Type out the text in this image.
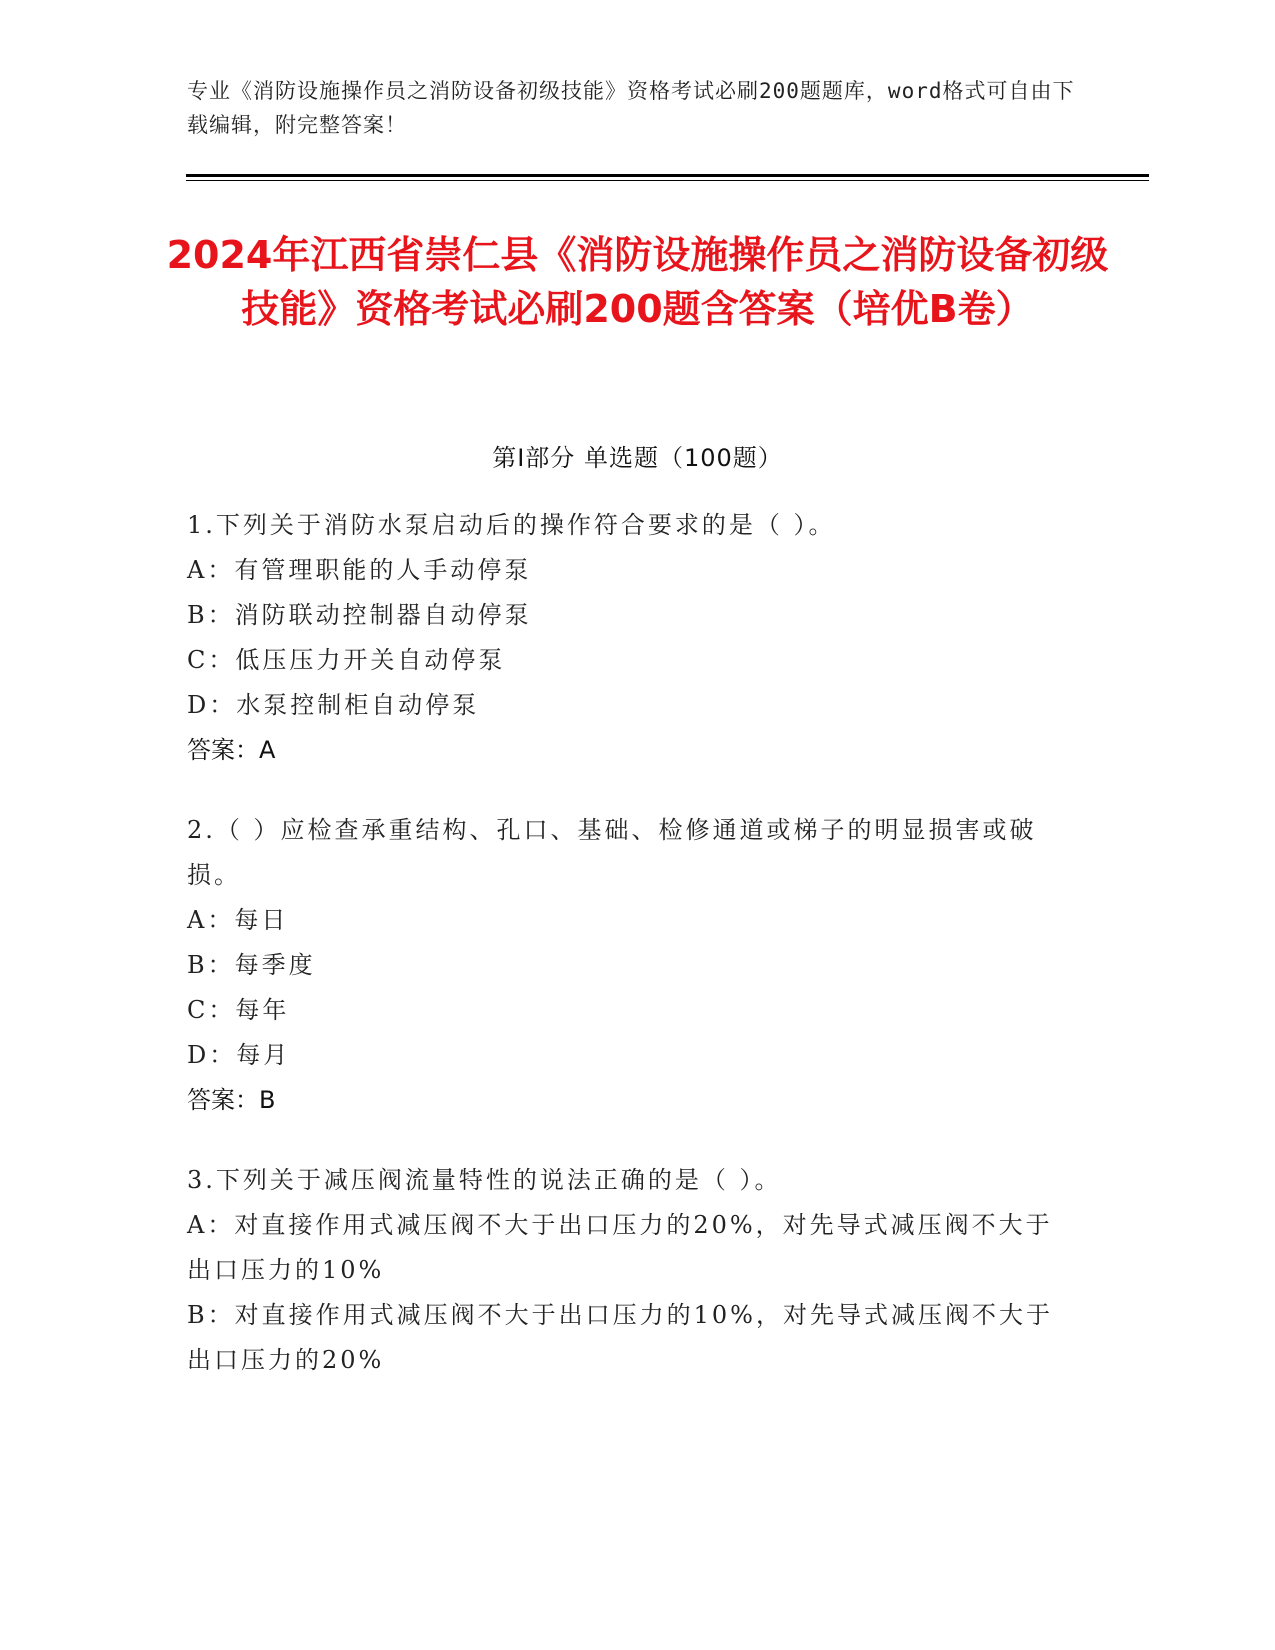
专业《消防设施操作员之消防设备初级技能》资格考试必刷200题题库，word格式可自由下载编辑，附完整答案！
2024年江西省崇仁县《消防设施操作员之消防设备初级技能》资格考试必刷200题含答案（培优B卷）
第I部分 单选题（100题）

1.下列关于消防水泵启动后的操作符合要求的是（ ）。

A：有管理职能的人手动停泵

B：消防联动控制器自动停泵

C：低压压力开关自动停泵

D：水泵控制柜自动停泵

答案：A

2.（ ）应检查承重结构、孔口、基础、检修通道或梯子的明显损害或破损。

A：每日

B：每季度

C：每年

D：每月

答案：B

3.下列关于减压阀流量特性的说法正确的是（ ）。

A：对直接作用式减压阀不大于出口压力的20%，对先导式减压阀不大于出口压力的10%

B：对直接作用式减压阀不大于出口压力的10%，对先导式减压阀不大于出口压力的20%
